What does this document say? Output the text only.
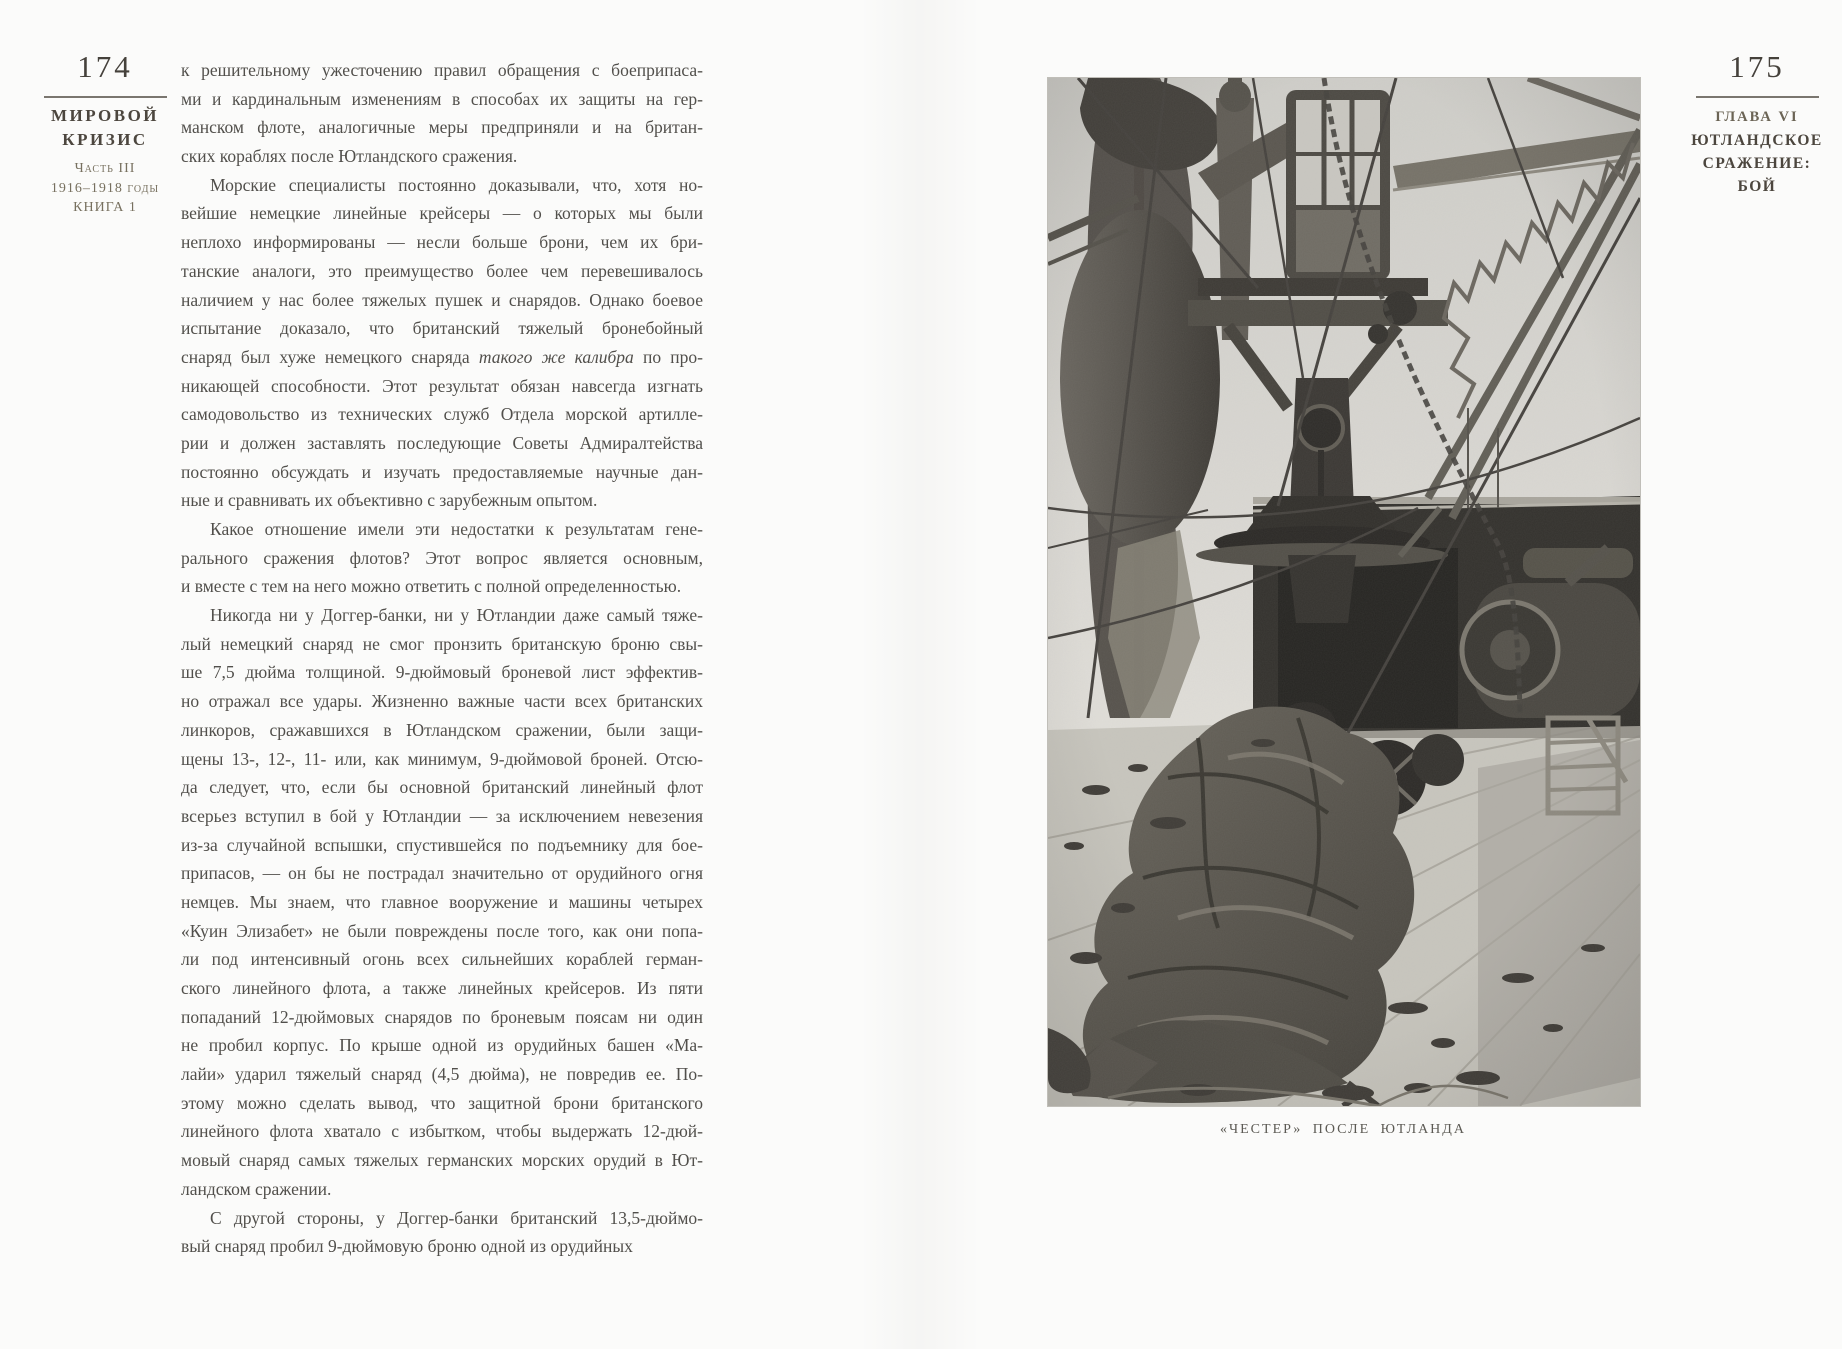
174
МИРОВОЙ
КРИЗИС
Часть III
1916–1918 годы
КНИГА 1
к решительному ужесточению правил обращения с боеприпаса-
ми и кардинальным изменениям в способах их защиты на гер-
манском флоте, аналогичные меры предприняли и на британ-
ских кораблях после Ютландского сражения.
Морские специалисты постоянно доказывали, что, хотя но-
вейшие немецкие линейные крейсеры — о которых мы были
неплохо информированы — несли больше брони, чем их бри-
танские аналоги, это преимущество более чем перевешивалось
наличием у нас более тяжелых пушек и снарядов. Однако боевое
испытание доказало, что британский тяжелый бронебойный
снаряд был хуже немецкого снаряда такого же калибра по про-
никающей способности. Этот результат обязан навсегда изгнать
самодовольство из технических служб Отдела морской артилле-
рии и должен заставлять последующие Советы Адмиралтейства
постоянно обсуждать и изучать предоставляемые научные дан-
ные и сравнивать их объективно с зарубежным опытом.
Какое отношение имели эти недостатки к результатам гене-
рального сражения флотов? Этот вопрос является основным,
и вместе с тем на него можно ответить с полной определенностью.
Никогда ни у Доггер-банки, ни у Ютландии даже самый тяже-
лый немецкий снаряд не смог пронзить британскую броню свы-
ше 7,5 дюйма толщиной. 9-дюймовый броневой лист эффектив-
но отражал все удары. Жизненно важные части всех британских
линкоров, сражавшихся в Ютландском сражении, были защи-
щены 13-, 12-, 11- или, как минимум, 9-дюймовой броней. Отсю-
да следует, что, если бы основной британский линейный флот
всерьез вступил в бой у Ютландии — за исключением невезения
из-за случайной вспышки, спустившейся по подъемнику для бое-
припасов, — он бы не пострадал значительно от орудийного огня
немцев. Мы знаем, что главное вооружение и машины четырех
«Куин Элизабет» не были повреждены после того, как они попа-
ли под интенсивный огонь всех сильнейших кораблей герман-
ского линейного флота, а также линейных крейсеров. Из пяти
попаданий 12-дюймовых снарядов по броневым поясам ни один
не пробил корпус. По крыше одной из орудийных башен «Ма-
лайи» ударил тяжелый снаряд (4,5 дюйма), не повредив ее. По-
этому можно сделать вывод, что защитной брони британского
линейного флота хватало с избытком, чтобы выдержать 12-дюй-
мовый снаряд самых тяжелых германских морских орудий в Ют-
ландском сражении.
С другой стороны, у Доггер-банки британский 13,5-дюймо-
вый снаряд пробил 9-дюймовую броню одной из орудийных
175
ГЛАВА VI
ЮТЛАНДСКОЕ
СРАЖЕНИЕ:
БОЙ
«ЧЕСТЕР» ПОСЛЕ ЮТЛАНДА
